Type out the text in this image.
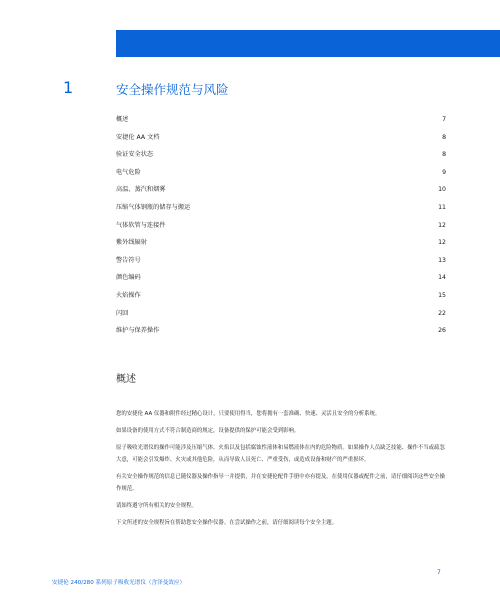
1	安全操作规范与风险
概述	7
安捷伦 AA 文档	8
验证安全状态	8
电气危险	9
高温、蒸汽和烟雾	10
压缩气体钢瓶的储存与搬运	11
气体软管与连接件	12
紫外线辐射	12
警告符号	13
颜色编码	14
火焰操作	15
闪回	22
维护与保养操作	26
概述

您的安捷伦 AA 仪器和附件经过精心设计，只要使用得当，您将拥有一套准确、快速、灵活且安全的分析系统。

如果设备的使用方式不符合制造商的规定，设备提供的保护可能会受到影响。

原子吸收光谱仪的操作可能涉及压缩气体、火焰以及包括腐蚀性液体和易燃液体在内的危险物质。如果操作人员缺乏技能、操作不当或疏忽大意，可能会引发爆炸、火灾或其他危险，从而导致人员死亡、严重受伤，或造成设备和财产的严重损坏。

有关安全操作规范的信息已随仪器及操作指导一并提供，并在安捷伦配件手册中亦有提及。在使用仪器或配件之前，请仔细阅读这些安全操作规范。

请始终遵守所有相关的安全规程。

下文所述的安全规程旨在帮助您安全操作仪器。在尝试操作之前，请仔细阅读每个安全主题。

7
安捷伦 240/280 系列原子吸收光谱仪（含泽曼效应）
